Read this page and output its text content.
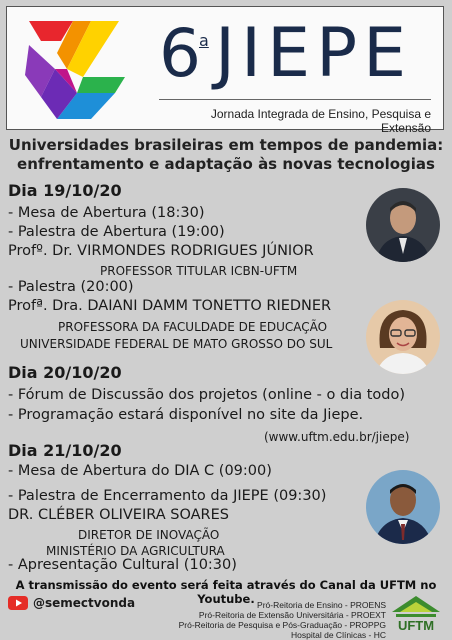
6
a JIEPE
Jornada Integrada de Ensino, Pesquisa e Extensão
Universidades brasileiras em tempos de pandemia:
enfrentamento e adaptação às novas tecnologias
Dia 19/10/20
- Mesa de Abertura (18:30)
- Palestra de Abertura (19:00)
Profº. Dr. VIRMONDES RODRIGUES JÚNIOR
PROFESSOR TITULAR ICBN-UFTM
- Palestra (20:00)
Profª. Dra. DAIANI DAMM TONETTO RIEDNER
PROFESSORA DA FACULDADE DE EDUCAÇÃO
UNIVERSIDADE FEDERAL DE MATO GROSSO DO SUL
Dia 20/10/20
- Fórum de Discussão dos projetos (online - o dia todo)
- Programação estará disponível no site da Jiepe.
(www.uftm.edu.br/jiepe)
Dia 21/10/20
- Mesa de Abertura do DIA C (09:00)
- Palestra de Encerramento da JIEPE (09:30)
DR. CLÉBER OLIVEIRA SOARES
DIRETOR DE INOVAÇÃO
MINISTÉRIO DA AGRICULTURA
- Apresentação Cultural (10:30)
A transmissão do evento será feita através do Canal da UFTM no Youtube.
@semectvonda	Pró-Reitoria de Ensino - PROENS
Pró-Reitoria de Extensão Universitária - PROEXT
Pró-Reitoria de Pesquisa e Pós-Graduação - PROPPG
Hospital de Clínicas - HC
UFTM
